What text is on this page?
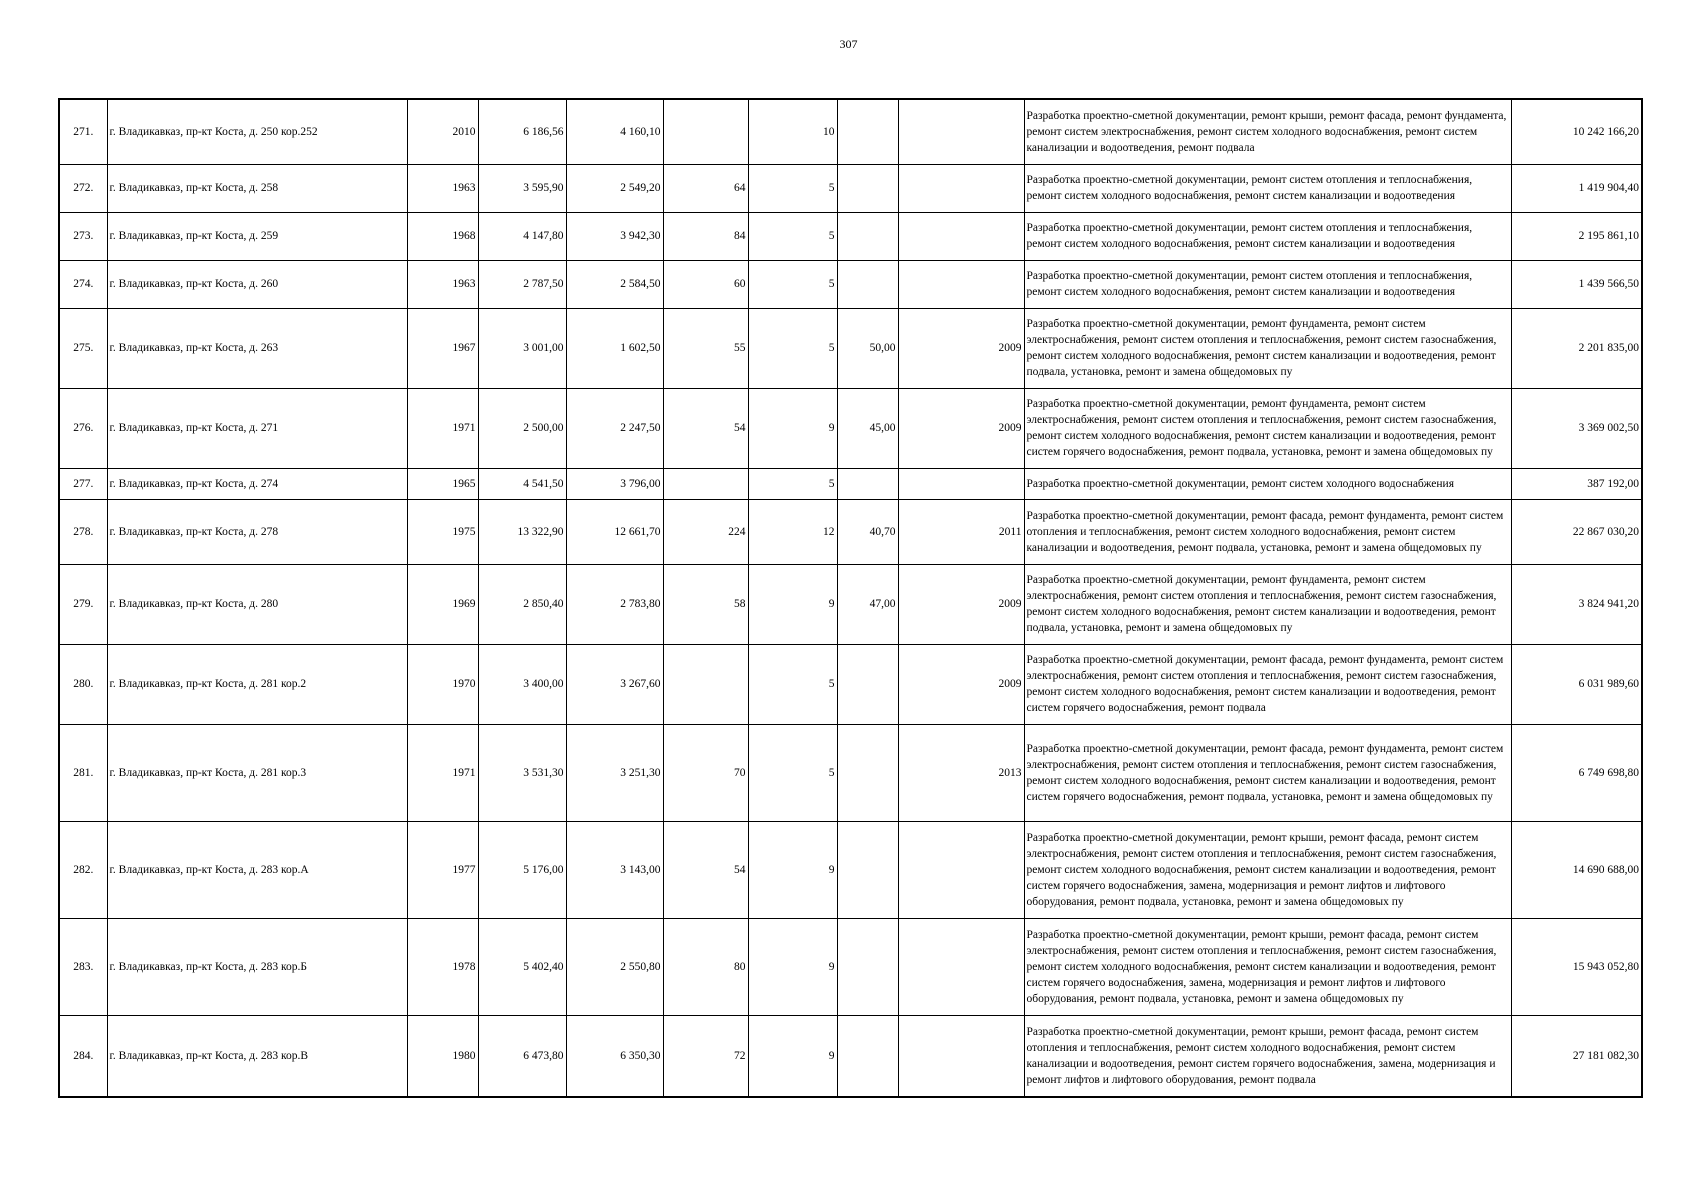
307
271.	г. Владикавказ, пр-кт Коста, д. 250 кор.252	2010	6 186,56	4 160,10		10			Разработка проектно-сметной документации, ремонт крыши, ремонт фасада, ремонт фундамента, ремонт систем электроснабжения, ремонт систем холодного водоснабжения, ремонт систем канализации и водоотведения, ремонт подвала	10 242 166,20
272.	г. Владикавказ, пр-кт Коста, д. 258	1963	3 595,90	2 549,20	64	5			Разработка проектно-сметной документации, ремонт систем отопления и теплоснабжения, ремонт систем холодного водоснабжения, ремонт систем канализации и водоотведения	1 419 904,40
273.	г. Владикавказ, пр-кт Коста, д. 259	1968	4 147,80	3 942,30	84	5			Разработка проектно-сметной документации, ремонт систем отопления и теплоснабжения, ремонт систем холодного водоснабжения, ремонт систем канализации и водоотведения	2 195 861,10
274.	г. Владикавказ, пр-кт Коста, д. 260	1963	2 787,50	2 584,50	60	5			Разработка проектно-сметной документации, ремонт систем отопления и теплоснабжения, ремонт систем холодного водоснабжения, ремонт систем канализации и водоотведения	1 439 566,50
275.	г. Владикавказ, пр-кт Коста, д. 263	1967	3 001,00	1 602,50	55	5	50,00	2009	Разработка проектно-сметной документации, ремонт фундамента, ремонт систем электроснабжения, ремонт систем отопления и теплоснабжения, ремонт систем газоснабжения, ремонт систем холодного водоснабжения, ремонт систем канализации и водоотведения, ремонт подвала, установка, ремонт и замена общедомовых пу	2 201 835,00
276.	г. Владикавказ, пр-кт Коста, д. 271	1971	2 500,00	2 247,50	54	9	45,00	2009	Разработка проектно-сметной документации, ремонт фундамента, ремонт систем электроснабжения, ремонт систем отопления и теплоснабжения, ремонт систем газоснабжения, ремонт систем холодного водоснабжения, ремонт систем канализации и водоотведения, ремонт систем горячего водоснабжения, ремонт подвала, установка, ремонт и замена общедомовых пу	3 369 002,50
277.	г. Владикавказ, пр-кт Коста, д. 274	1965	4 541,50	3 796,00		5			Разработка проектно-сметной документации, ремонт систем холодного водоснабжения	387 192,00
278.	г. Владикавказ, пр-кт Коста, д. 278	1975	13 322,90	12 661,70	224	12	40,70	2011	Разработка проектно-сметной документации, ремонт фасада, ремонт фундамента, ремонт систем отопления и теплоснабжения, ремонт систем холодного водоснабжения, ремонт систем канализации и водоотведения, ремонт подвала, установка, ремонт и замена общедомовых пу	22 867 030,20
279.	г. Владикавказ, пр-кт Коста, д. 280	1969	2 850,40	2 783,80	58	9	47,00	2009	Разработка проектно-сметной документации, ремонт фундамента, ремонт систем электроснабжения, ремонт систем отопления и теплоснабжения, ремонт систем газоснабжения, ремонт систем холодного водоснабжения, ремонт систем канализации и водоотведения, ремонт подвала, установка, ремонт и замена общедомовых пу	3 824 941,20
280.	г. Владикавказ, пр-кт Коста, д. 281 кор.2	1970	3 400,00	3 267,60		5		2009	Разработка проектно-сметной документации, ремонт фасада, ремонт фундамента, ремонт систем электроснабжения, ремонт систем отопления и теплоснабжения, ремонт систем газоснабжения, ремонт систем холодного водоснабжения, ремонт систем канализации и водоотведения, ремонт систем горячего водоснабжения, ремонт подвала	6 031 989,60
281.	г. Владикавказ, пр-кт Коста, д. 281 кор.3	1971	3 531,30	3 251,30	70	5		2013	Разработка проектно-сметной документации, ремонт фасада, ремонт фундамента, ремонт систем электроснабжения, ремонт систем отопления и теплоснабжения, ремонт систем газоснабжения, ремонт систем холодного водоснабжения, ремонт систем канализации и водоотведения, ремонт систем горячего водоснабжения, ремонт подвала, установка, ремонт и замена общедомовых пу	6 749 698,80
282.	г. Владикавказ, пр-кт Коста, д. 283 кор.А	1977	5 176,00	3 143,00	54	9			Разработка проектно-сметной документации, ремонт крыши, ремонт фасада, ремонт систем электроснабжения, ремонт систем отопления и теплоснабжения, ремонт систем газоснабжения, ремонт систем холодного водоснабжения, ремонт систем канализации и водоотведения, ремонт систем горячего водоснабжения, замена, модернизация и ремонт лифтов и лифтового оборудования, ремонт подвала, установка, ремонт и замена общедомовых пу	14 690 688,00
283.	г. Владикавказ, пр-кт Коста, д. 283 кор.Б	1978	5 402,40	2 550,80	80	9			Разработка проектно-сметной документации, ремонт крыши, ремонт фасада, ремонт систем электроснабжения, ремонт систем отопления и теплоснабжения, ремонт систем газоснабжения, ремонт систем холодного водоснабжения, ремонт систем канализации и водоотведения, ремонт систем горячего водоснабжения, замена, модернизация и ремонт лифтов и лифтового оборудования, ремонт подвала, установка, ремонт и замена общедомовых пу	15 943 052,80
284.	г. Владикавказ, пр-кт Коста, д. 283 кор.В	1980	6 473,80	6 350,30	72	9			Разработка проектно-сметной документации, ремонт крыши, ремонт фасада, ремонт систем отопления и теплоснабжения, ремонт систем холодного водоснабжения, ремонт систем канализации и водоотведения, ремонт систем горячего водоснабжения, замена, модернизация и ремонт лифтов и лифтового оборудования, ремонт подвала	27 181 082,30
